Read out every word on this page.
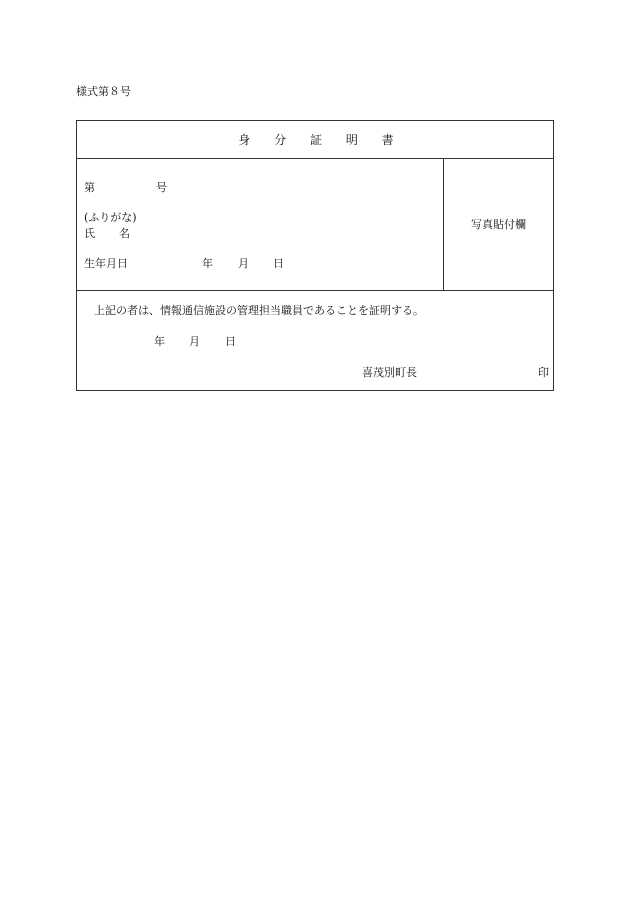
様式第８号
身 分 証 明 書
第	号
(ふりがな)
氏 名
生年月日	年 月 日
写真貼付欄
上記の者は、情報通信施設の管理担当職員であることを証明する。
年 月 日
喜茂別町長	印
